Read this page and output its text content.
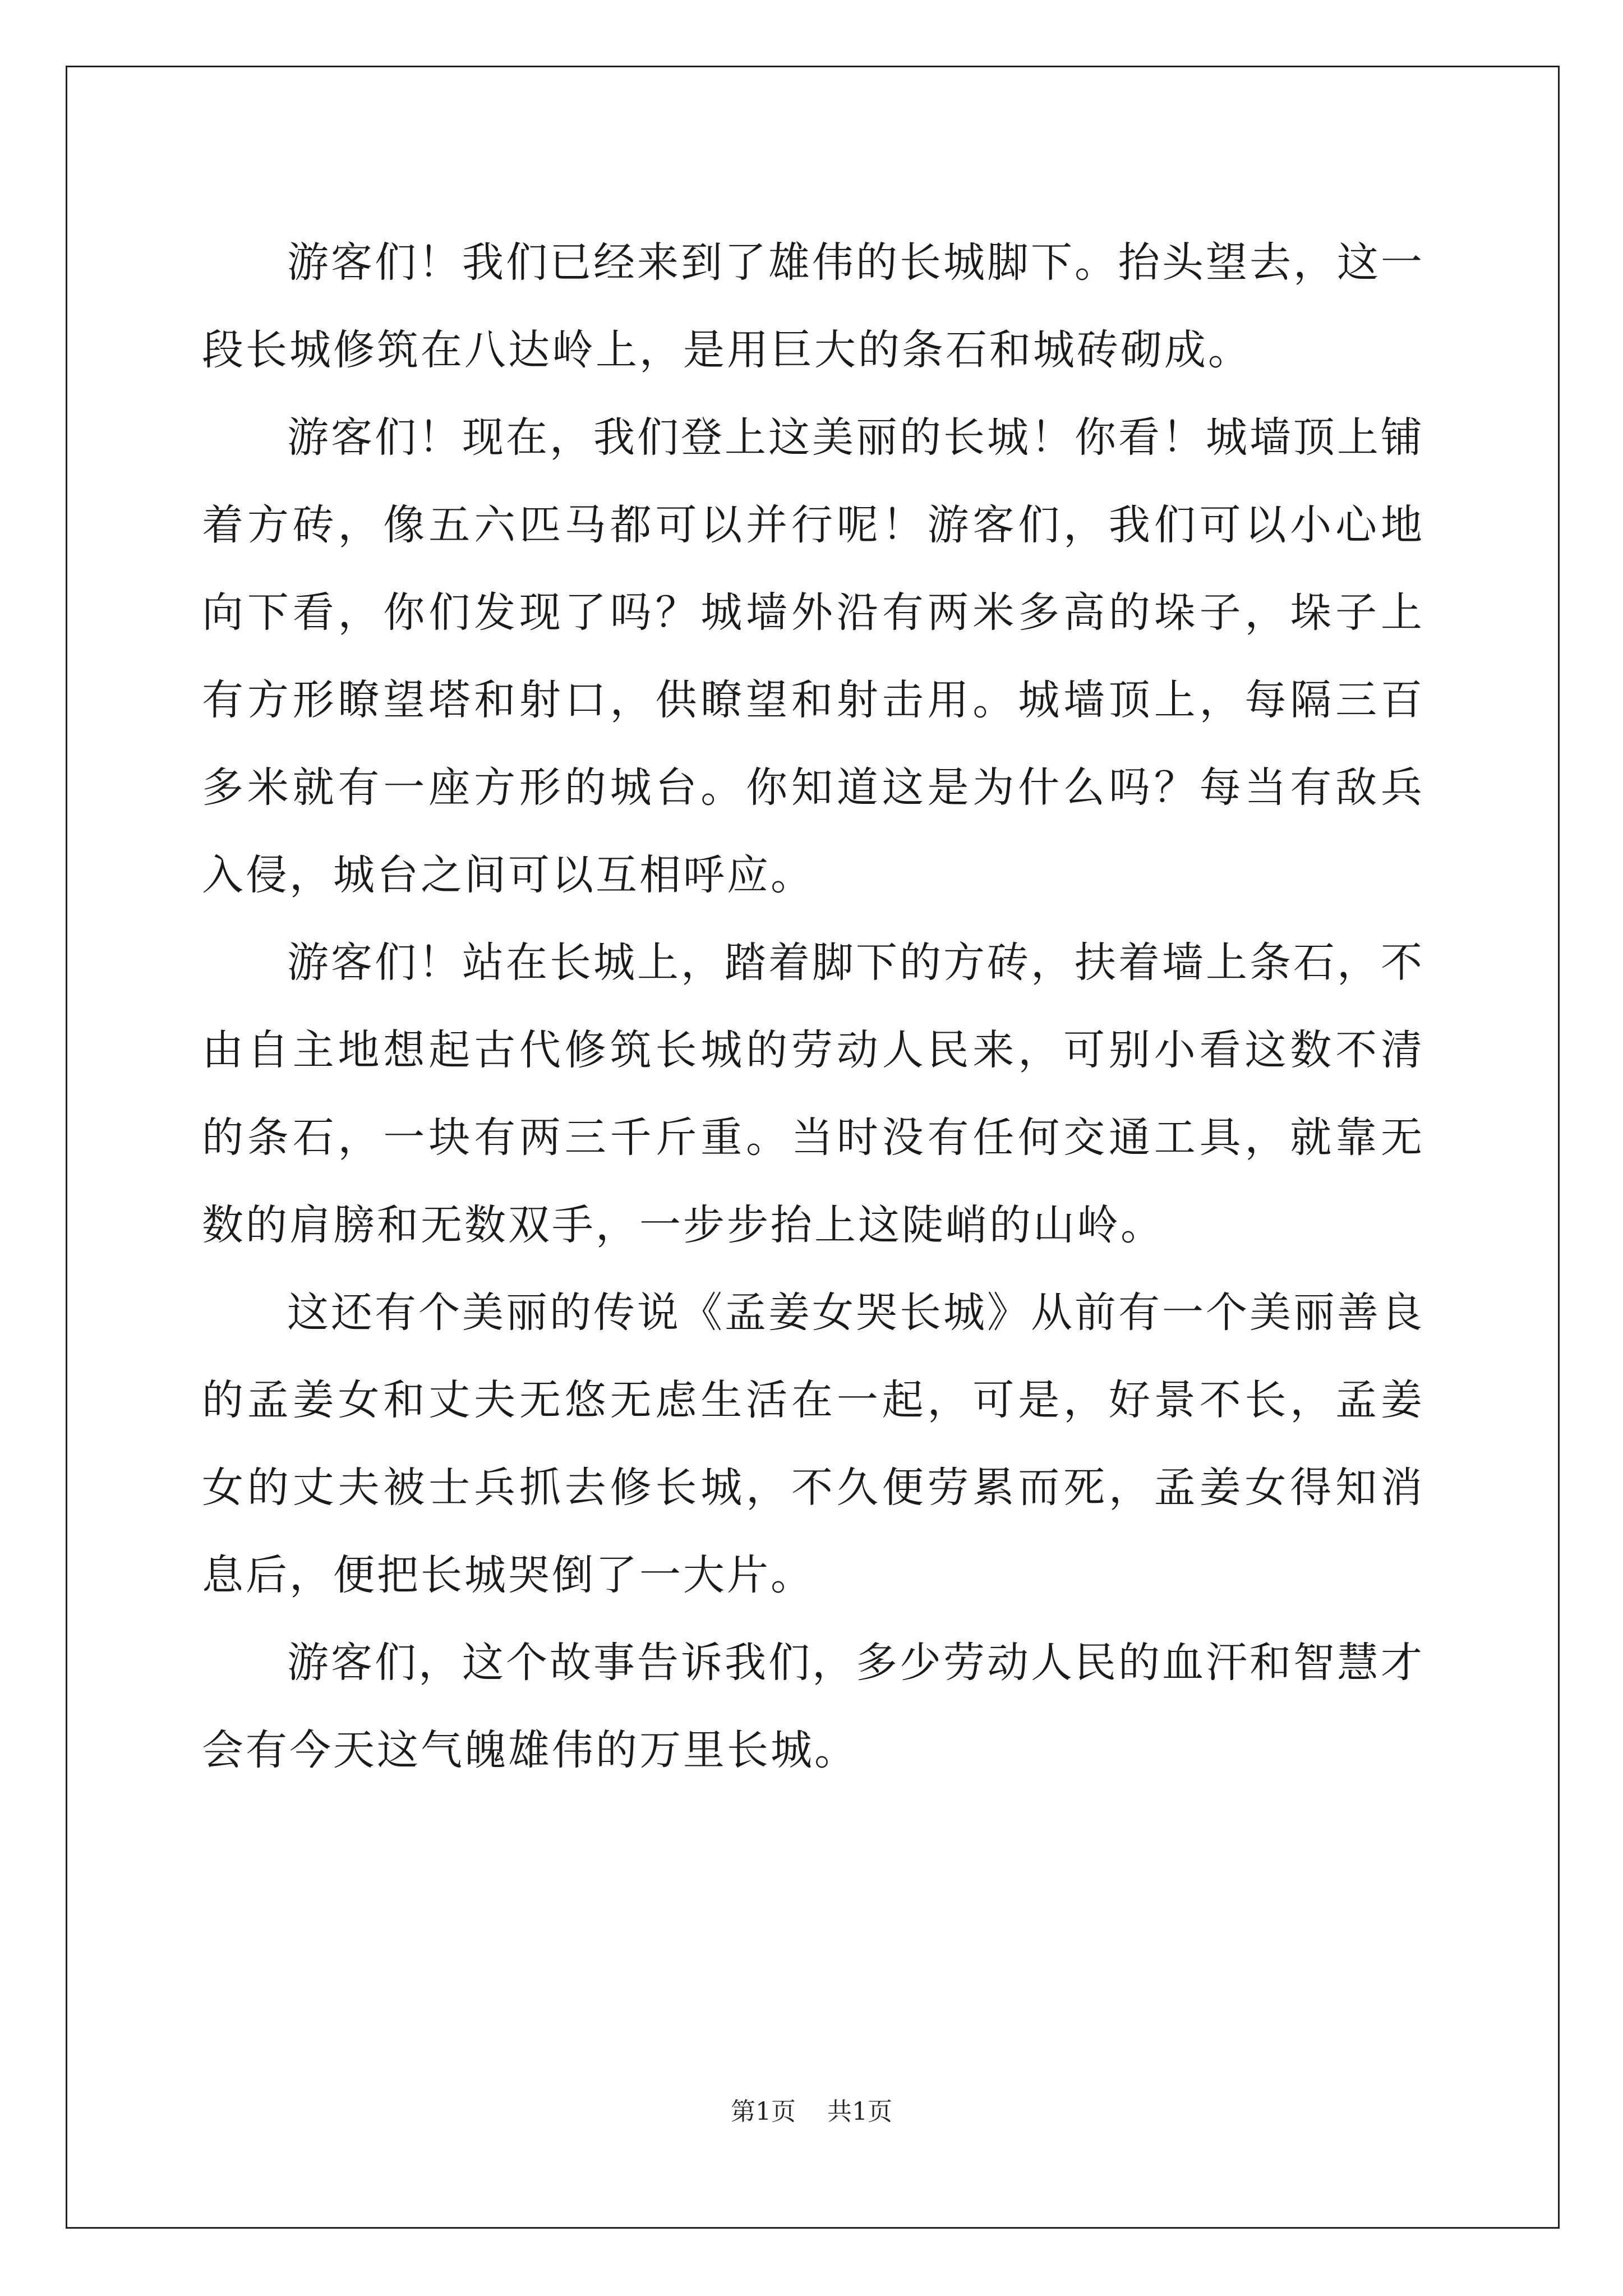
游客们！我们已经来到了雄伟的长城脚下。抬头望去，这一段长城修筑在八达岭上，是用巨大的条石和城砖砌成。

游客们！现在，我们登上这美丽的长城！你看！城墙顶上铺着方砖，像五六匹马都可以并行呢！游客们，我们可以小心地向下看，你们发现了吗？城墙外沿有两米多高的垛子，垛子上有方形瞭望塔和射口，供瞭望和射击用。城墙顶上，每隔三百多米就有一座方形的城台。你知道这是为什么吗？每当有敌兵入侵，城台之间可以互相呼应。

游客们！站在长城上，踏着脚下的方砖，扶着墙上条石，不由自主地想起古代修筑长城的劳动人民来，可别小看这数不清的条石，一块有两三千斤重。当时没有任何交通工具，就靠无数的肩膀和无数双手，一步步抬上这陡峭的山岭。

这还有个美丽的传说《孟姜女哭长城》从前有一个美丽善良的孟姜女和丈夫无悠无虑生活在一起，可是，好景不长，孟姜女的丈夫被士兵抓去修长城，不久便劳累而死，孟姜女得知消息后，便把长城哭倒了一大片。

游客们，这个故事告诉我们，多少劳动人民的血汗和智慧才会有今天这气魄雄伟的万里长城。

第1页 共1页
